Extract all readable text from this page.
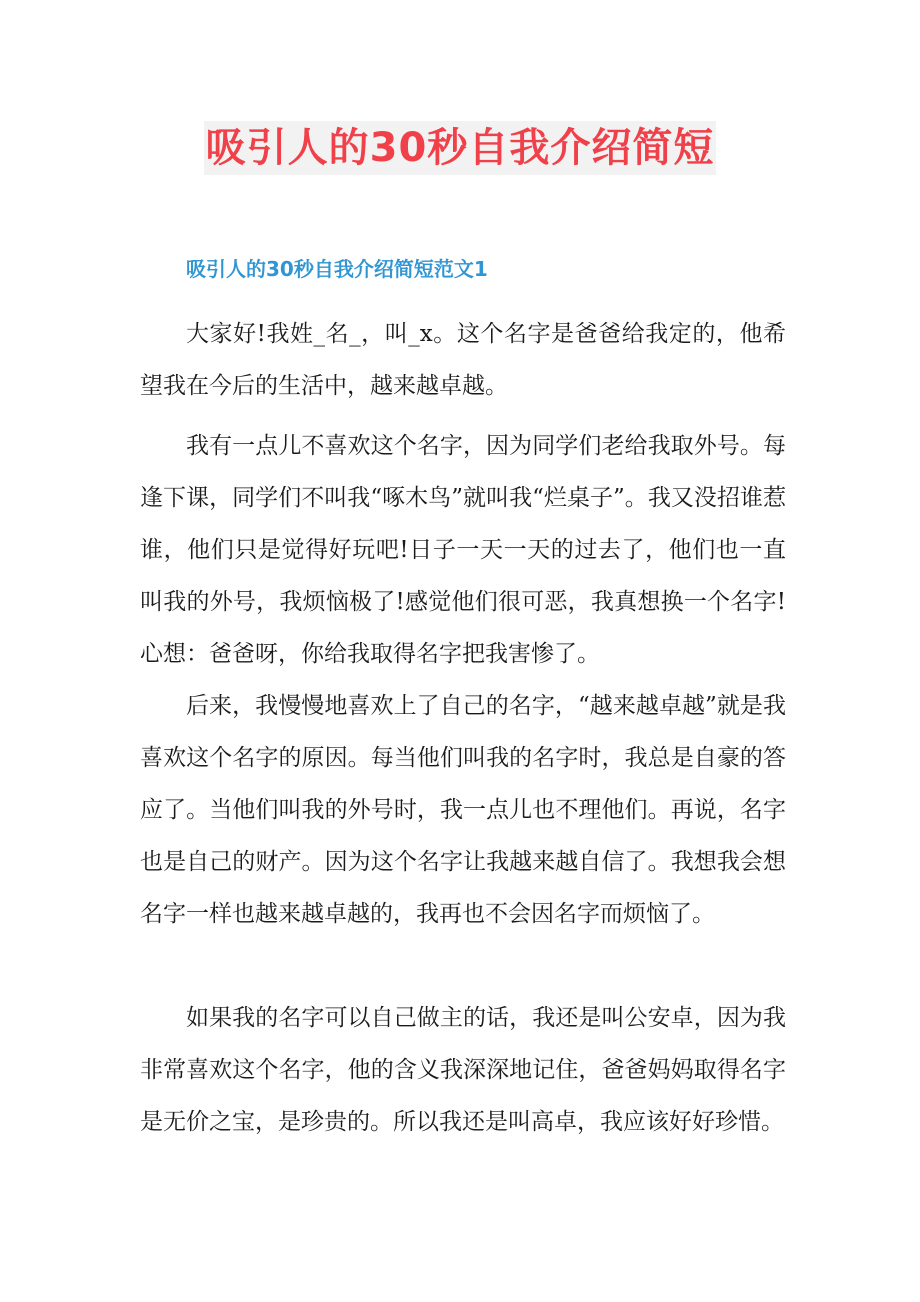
吸引人的30秒自我介绍简短
吸引人的30秒自我介绍简短范文1

大家好!我姓_名_，叫_x。这个名字是爸爸给我定的，他希望我在今后的生活中，越来越卓越。

我有一点儿不喜欢这个名字，因为同学们老给我取外号。每逢下课，同学们不叫我“啄木鸟”就叫我“烂桌子”。我又没招谁惹谁，他们只是觉得好玩吧!日子一天一天的过去了，他们也一直叫我的外号，我烦恼极了!感觉他们很可恶，我真想换一个名字!心想：爸爸呀，你给我取得名字把我害惨了。

后来，我慢慢地喜欢上了自己的名字，“越来越卓越”就是我喜欢这个名字的原因。每当他们叫我的名字时，我总是自豪的答应了。当他们叫我的外号时，我一点儿也不理他们。再说，名字也是自己的财产。因为这个名字让我越来越自信了。我想我会想名字一样也越来越卓越的，我再也不会因名字而烦恼了。

如果我的名字可以自己做主的话，我还是叫公安卓，因为我非常喜欢这个名字，他的含义我深深地记住，爸爸妈妈取得名字是无价之宝，是珍贵的。所以我还是叫高卓，我应该好好珍惜。
